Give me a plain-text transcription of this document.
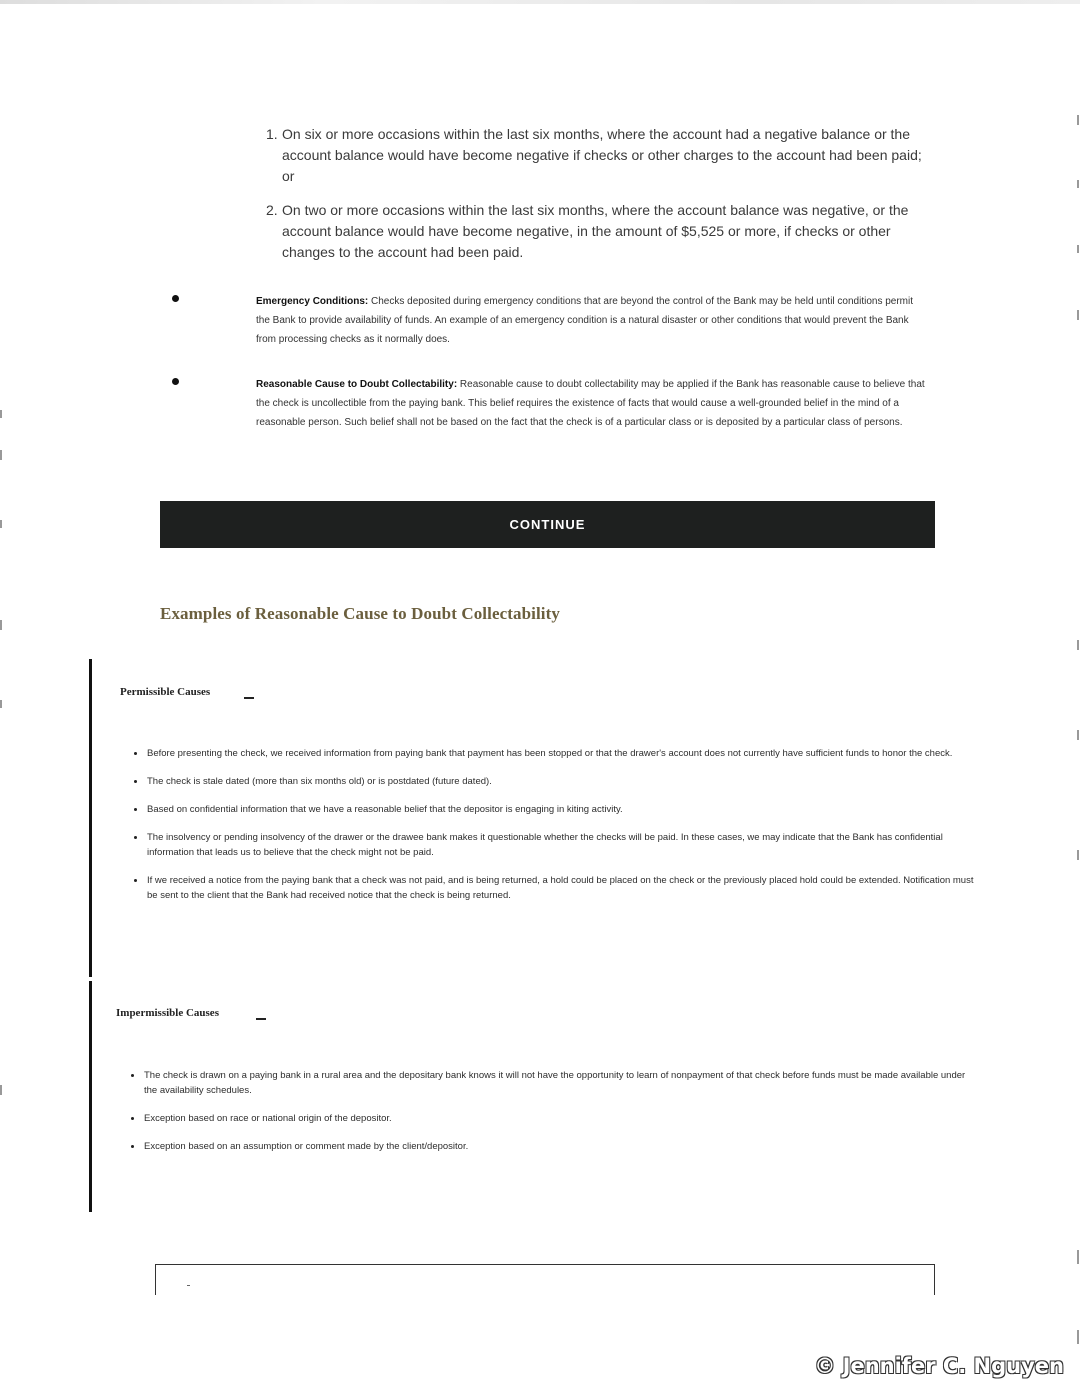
1. On six or more occasions within the last six months, where the account had a negative balance or the account balance would have become negative if checks or other charges to the account had been paid; or
2. On two or more occasions within the last six months, where the account balance was negative, or the account balance would have become negative, in the amount of $5,525 or more, if checks or other changes to the account had been paid.
Emergency Conditions: Checks deposited during emergency conditions that are beyond the control of the Bank may be held until conditions permit the Bank to provide availability of funds. An example of an emergency condition is a natural disaster or other conditions that would prevent the Bank from processing checks as it normally does.
Reasonable Cause to Doubt Collectability: Reasonable cause to doubt collectability may be applied if the Bank has reasonable cause to believe that the check is uncollectible from the paying bank. This belief requires the existence of facts that would cause a well-grounded belief in the mind of a reasonable person. Such belief shall not be based on the fact that the check is of a particular class or is deposited by a particular class of persons.
CONTINUE
Examples of Reasonable Cause to Doubt Collectability
Permissible Causes
Before presenting the check, we received information from paying bank that payment has been stopped or that the drawer's account does not currently have sufficient funds to honor the check.
The check is stale dated (more than six months old) or is postdated (future dated).
Based on confidential information that we have a reasonable belief that the depositor is engaging in kiting activity.
The insolvency or pending insolvency of the drawer or the drawee bank makes it questionable whether the checks will be paid. In these cases, we may indicate that the Bank has confidential information that leads us to believe that the check might not be paid.
If we received a notice from the paying bank that a check was not paid, and is being returned, a hold could be placed on the check or the previously placed hold could be extended. Notification must be sent to the client that the Bank had received notice that the check is being returned.
Impermissible Causes
The check is drawn on a paying bank in a rural area and the depositary bank knows it will not have the opportunity to learn of nonpayment of that check before funds must be made available under the availability schedules.
Exception based on race or national origin of the depositor.
Exception based on an assumption or comment made by the client/depositor.
© Jennifer C. Nguyen
